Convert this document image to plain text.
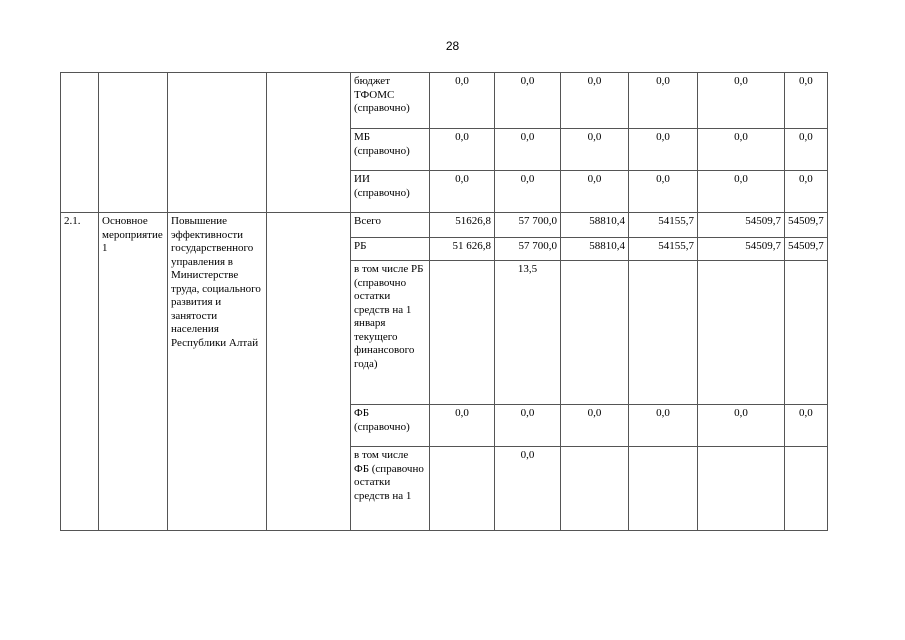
28
				бюджет ТФОМС (справочно)	0,0	0,0	0,0	0,0	0,0	0,0
				МБ (справочно)	0,0	0,0	0,0	0,0	0,0	0,0
				ИИ (справочно)	0,0	0,0	0,0	0,0	0,0	0,0
2.1.	Основное мероприятие 1	Повышение эффективности государственного управления в Министерстве труда, социального развития и занятости населения Республики Алтай		Всего	51626,8	57 700,0	58810,4	54155,7	54509,7	54509,7
				РБ	51 626,8	57 700,0	58810,4	54155,7	54509,7	54509,7
				в том числе РБ (справочно остатки средств на 1 января текущего финансового года)		13,5				
				ФБ (справочно)	0,0	0,0	0,0	0,0	0,0	0,0
				в том числе ФБ (справочно остатки средств на 1		0,0				
